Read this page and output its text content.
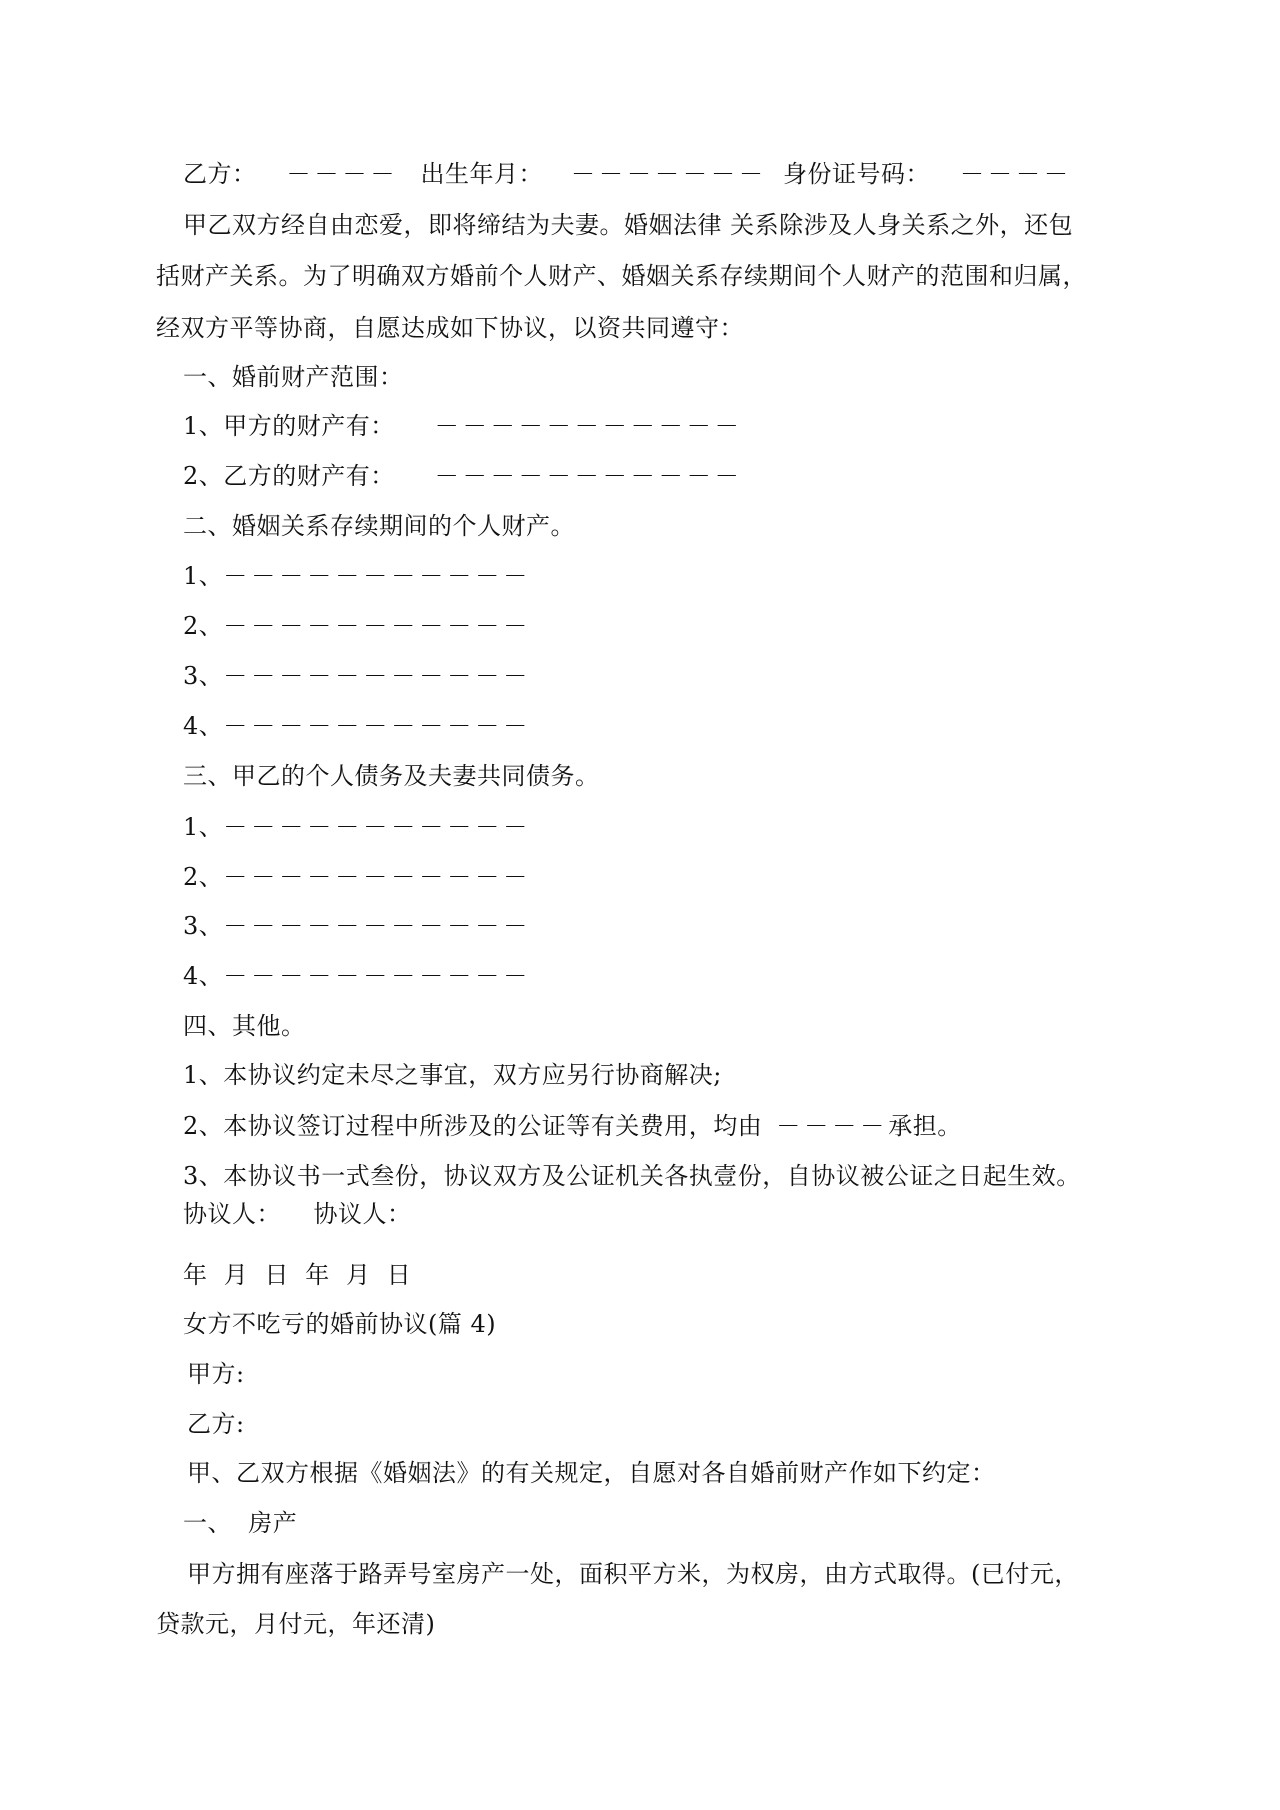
乙方： －－－－ 出生年月： －－－－－－－ 身份证号码： －－－－
甲乙双方经自由恋爱，即将缔结为夫妻。婚姻法律 关系除涉及人身关系之外，还包
括财产关系。为了明确双方婚前个人财产、婚姻关系存续期间个人财产的范围和归属，
经双方平等协商，自愿达成如下协议，以资共同遵守：
一、婚前财产范围：
1、甲方的财产有： －－－－－－－－－－－
2、乙方的财产有： －－－－－－－－－－－
二、婚姻关系存续期间的个人财产。
1、－－－－－－－－－－－
2、－－－－－－－－－－－
3、－－－－－－－－－－－
4、－－－－－－－－－－－
三、甲乙的个人债务及夫妻共同债务。
1、－－－－－－－－－－－
2、－－－－－－－－－－－
3、－－－－－－－－－－－
4、－－－－－－－－－－－
四、其他。
1、本协议约定未尽之事宜，双方应另行协商解决;
2、本协议签订过程中所涉及的公证等有关费用，均由 －－－－承担。
3、本协议书一式叁份，协议双方及公证机关各执壹份，自协议被公证之日起生效。
协议人：    协议人：
年  月  日  年  月  日
女方不吃亏的婚前协议(篇 4)
甲方:
乙方:
甲、乙双方根据《婚姻法》的有关规定，自愿对各自婚前财产作如下约定：
一、  房产
甲方拥有座落于路弄号室房产一处，面积平方米，为权房，由方式取得。(已付元，
贷款元，月付元，年还清)
